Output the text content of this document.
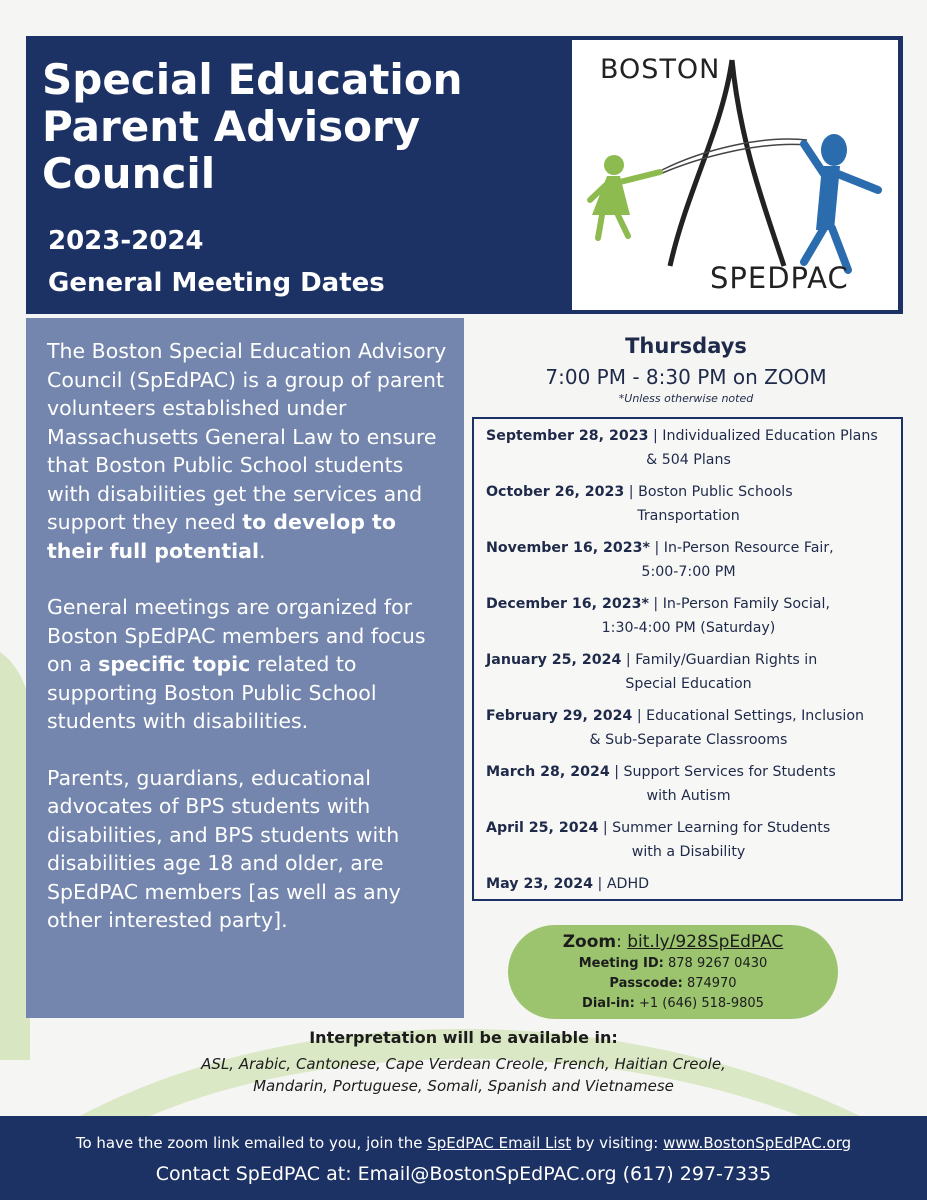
Special Education
Parent Advisory
Council
2023-2024
General Meeting Dates
BOSTON
SPEDPAC

The Boston Special Education Advisory Council (SpEdPAC) is a group of parent volunteers established under Massachusetts General Law to ensure that Boston Public School students with disabilities get the services and support they need to develop to their full potential.

General meetings are organized for Boston SpEdPAC members and focus on a specific topic related to supporting Boston Public School students with disabilities.

Parents, guardians, educational advocates of BPS students with disabilities, and BPS students with disabilities age 18 and older, are SpEdPAC members [as well as any other interested party].

Thursdays
7:00 PM - 8:30 PM on ZOOM
*Unless otherwise noted
September 28, 2023 | Individualized Education Plans
& 504 Plans
October 26, 2023 | Boston Public Schools
Transportation
November 16, 2023* | In-Person Resource Fair,
5:00-7:00 PM
December 16, 2023* | In-Person Family Social,
1:30-4:00 PM (Saturday)
January 25, 2024 | Family/Guardian Rights in
Special Education
February 29, 2024 | Educational Settings, Inclusion
& Sub-Separate Classrooms
March 28, 2024 | Support Services for Students
with Autism
April 25, 2024 | Summer Learning for Students
with a Disability
May 23, 2024 | ADHD
Zoom: bit.ly/928SpEdPAC
Meeting ID: 878 9267 0430
Passcode: 874970
Dial-in: +1 (646) 518-9805
Interpretation will be available in:
ASL, Arabic, Cantonese, Cape Verdean Creole, French, Haitian Creole,
Mandarin, Portuguese, Somali, Spanish and Vietnamese
To have the zoom link emailed to you, join the SpEdPAC Email List by visiting: www.BostonSpEdPAC.org
Contact SpEdPAC at: Email@BostonSpEdPAC.org (617) 297-7335
